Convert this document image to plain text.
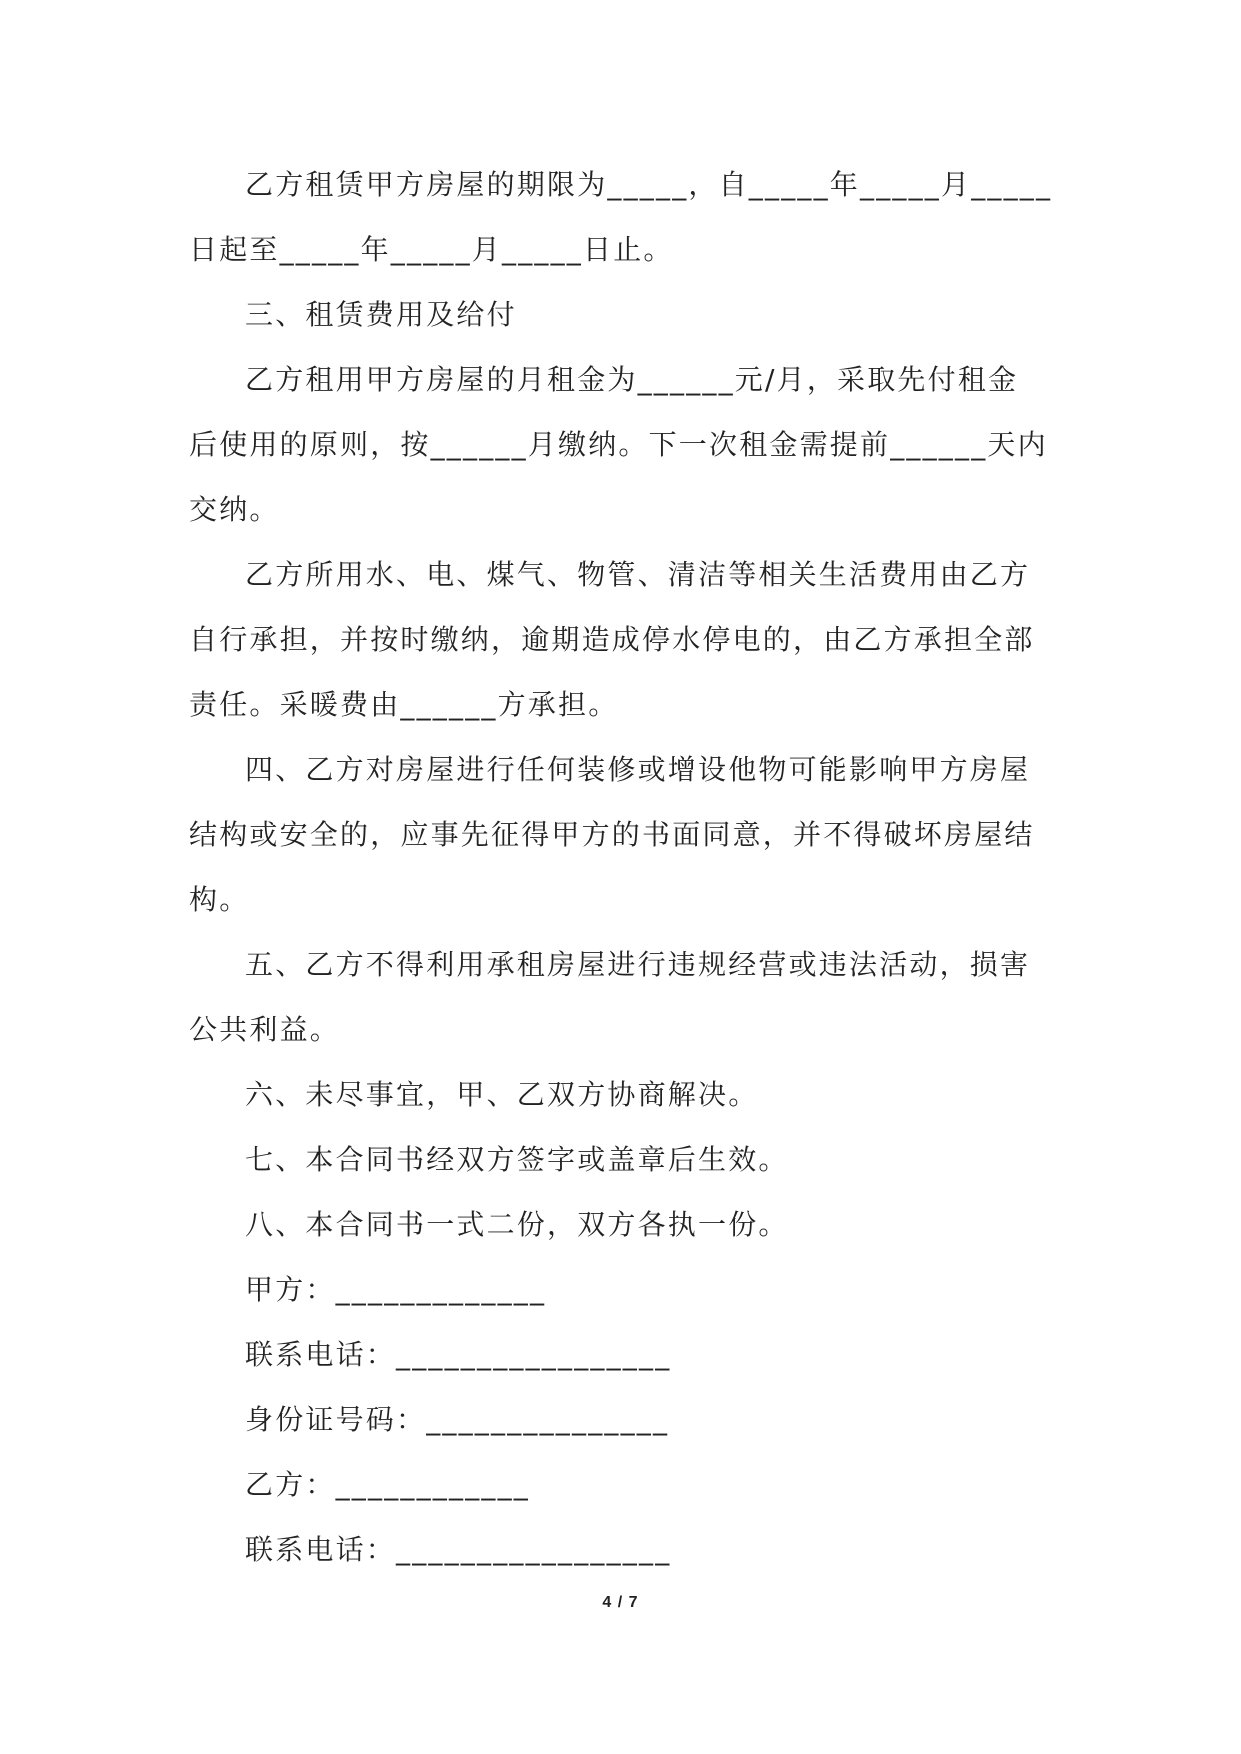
乙方租赁甲方房屋的期限为_____，自_____年_____月_____
日起至_____年_____月_____日止。

三、租赁费用及给付

乙方租用甲方房屋的月租金为______元/月，采取先付租金
后使用的原则，按______月缴纳。下一次租金需提前______天内
交纳。

乙方所用水、电、煤气、物管、清洁等相关生活费用由乙方
自行承担，并按时缴纳，逾期造成停水停电的，由乙方承担全部
责任。采暖费由______方承担。

四、乙方对房屋进行任何装修或增设他物可能影响甲方房屋
结构或安全的，应事先征得甲方的书面同意，并不得破坏房屋结
构。

五、乙方不得利用承租房屋进行违规经营或违法活动，损害
公共利益。

六、未尽事宜，甲、乙双方协商解决。

七、本合同书经双方签字或盖章后生效。

八、本合同书一式二份，双方各执一份。

甲方：_____________

联系电话：_________________

身份证号码：_______________

乙方：____________

联系电话：_________________

4 / 7
